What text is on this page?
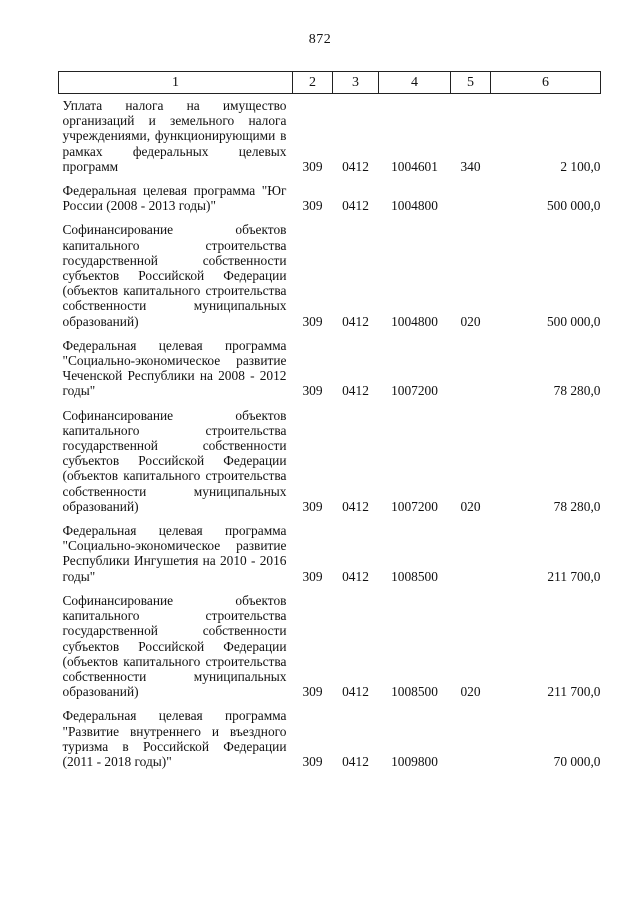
872
1	2	3	4	5	6
Уплата налога на имущество организаций и земельного налога учреждениями, функционирующими в рамках федеральных целевых программ	309	0412	1004601	340	2 100,0
Федеральная целевая программа "Юг России (2008 - 2013 годы)"	309	0412	1004800		500 000,0
Софинансирование объектов капитального строительства государственной собственности субъектов Российской Федерации (объектов капитального строительства собственности муниципальных образований)	309	0412	1004800	020	500 000,0
Федеральная целевая программа "Социально-экономическое развитие Чеченской Республики на 2008 - 2012 годы"	309	0412	1007200		78 280,0
Софинансирование объектов капитального строительства государственной собственности субъектов Российской Федерации (объектов капитального строительства собственности муниципальных образований)	309	0412	1007200	020	78 280,0
Федеральная целевая программа "Социально-экономическое развитие Республики Ингушетия на 2010 - 2016 годы"	309	0412	1008500		211 700,0
Софинансирование объектов капитального строительства государственной собственности субъектов Российской Федерации (объектов капитального строительства собственности муниципальных образований)	309	0412	1008500	020	211 700,0
Федеральная целевая программа "Развитие внутреннего и въездного туризма в Российской Федерации (2011 - 2018 годы)"	309	0412	1009800		70 000,0
